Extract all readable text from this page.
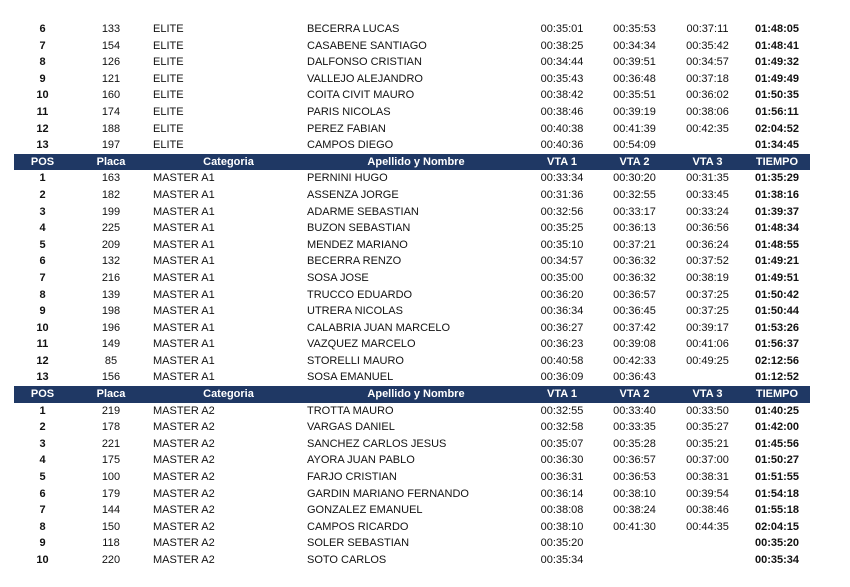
6	133	ELITE	BECERRA LUCAS	00:35:01	00:35:53	00:37:11	01:48:05
7	154	ELITE	CASABENE SANTIAGO	00:38:25	00:34:34	00:35:42	01:48:41
8	126	ELITE	DALFONSO CRISTIAN	00:34:44	00:39:51	00:34:57	01:49:32
9	121	ELITE	VALLEJO ALEJANDRO	00:35:43	00:36:48	00:37:18	01:49:49
10	160	ELITE	COITA CIVIT MAURO	00:38:42	00:35:51	00:36:02	01:50:35
11	174	ELITE	PARIS NICOLAS	00:38:46	00:39:19	00:38:06	01:56:11
12	188	ELITE	PEREZ FABIAN	00:40:38	00:41:39	00:42:35	02:04:52
13	197	ELITE	CAMPOS DIEGO	00:40:36	00:54:09		01:34:45
POS	Placa	Categoria	Apellido y Nombre	VTA 1	VTA 2	VTA 3	TIEMPO
1	163	MASTER A1	PERNINI HUGO	00:33:34	00:30:20	00:31:35	01:35:29
2	182	MASTER A1	ASSENZA JORGE	00:31:36	00:32:55	00:33:45	01:38:16
3	199	MASTER A1	ADARME SEBASTIAN	00:32:56	00:33:17	00:33:24	01:39:37
4	225	MASTER A1	BUZON SEBASTIAN	00:35:25	00:36:13	00:36:56	01:48:34
5	209	MASTER A1	MENDEZ MARIANO	00:35:10	00:37:21	00:36:24	01:48:55
6	132	MASTER A1	BECERRA RENZO	00:34:57	00:36:32	00:37:52	01:49:21
7	216	MASTER A1	SOSA JOSE	00:35:00	00:36:32	00:38:19	01:49:51
8	139	MASTER A1	TRUCCO EDUARDO	00:36:20	00:36:57	00:37:25	01:50:42
9	198	MASTER A1	UTRERA NICOLAS	00:36:34	00:36:45	00:37:25	01:50:44
10	196	MASTER A1	CALABRIA JUAN MARCELO	00:36:27	00:37:42	00:39:17	01:53:26
11	149	MASTER A1	VAZQUEZ MARCELO	00:36:23	00:39:08	00:41:06	01:56:37
12	85	MASTER A1	STORELLI MAURO	00:40:58	00:42:33	00:49:25	02:12:56
13	156	MASTER A1	SOSA EMANUEL	00:36:09	00:36:43		01:12:52
POS	Placa	Categoria	Apellido y Nombre	VTA 1	VTA 2	VTA 3	TIEMPO
1	219	MASTER A2	TROTTA MAURO	00:32:55	00:33:40	00:33:50	01:40:25
2	178	MASTER A2	VARGAS DANIEL	00:32:58	00:33:35	00:35:27	01:42:00
3	221	MASTER A2	SANCHEZ CARLOS JESUS	00:35:07	00:35:28	00:35:21	01:45:56
4	175	MASTER A2	AYORA JUAN PABLO	00:36:30	00:36:57	00:37:00	01:50:27
5	100	MASTER A2	FARJO CRISTIAN	00:36:31	00:36:53	00:38:31	01:51:55
6	179	MASTER A2	GARDIN MARIANO FERNANDO	00:36:14	00:38:10	00:39:54	01:54:18
7	144	MASTER A2	GONZALEZ EMANUEL	00:38:08	00:38:24	00:38:46	01:55:18
8	150	MASTER A2	CAMPOS RICARDO	00:38:10	00:41:30	00:44:35	02:04:15
9	118	MASTER A2	SOLER SEBASTIAN	00:35:20			00:35:20
10	220	MASTER A2	SOTO CARLOS	00:35:34			00:35:34
